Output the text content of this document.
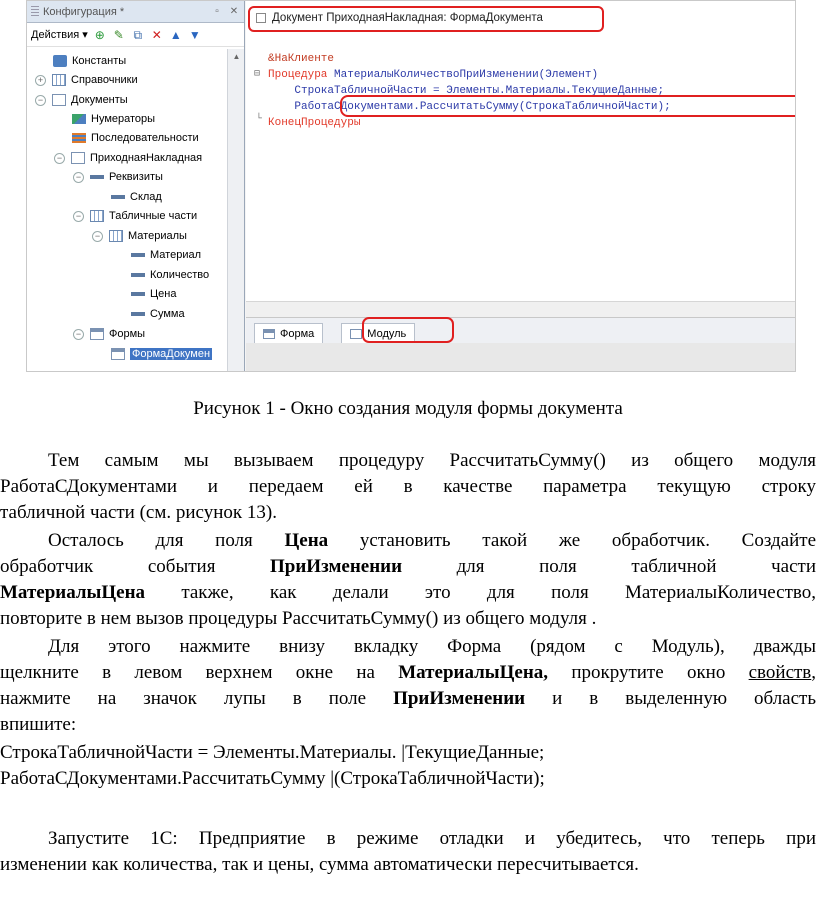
Конфигурация *	▫	✕
Действия ▾ ⊕ ✎ ⧉ ✕ ▲ ▼
Константы
+	Справочники
−	Документы
Нумераторы
Последовательности
−	ПриходнаяНакладная
−	Реквизиты
Склад
−	Табличные части
−	Материалы
Материал
Количество
Цена
Сумма
−	Формы
ФормаДокумен
▲
Документ ПриходнаяНакладная: ФормаДокумента
⊟
└
&НаКлиенте
Процедура МатериалыКоличествоПриИзменении(Элемент)
СтрокаТабличнойЧасти = Элементы.Материалы.ТекущиеДанные;
РаботаСДокументами.РассчитатьСумму(СтрокаТабличнойЧасти);
КонецПроцедуры
Форма	Модуль
Рисунок 1 - Окно создания модуля формы документа
Тем самым мы вызываем процедуру РассчитатьСумму() из общего модуля
РаботаСДокументами и передаем ей в качестве параметра текущую строку
табличной части (см. рисунок 13).
Осталось для поля Цена установить такой же обработчик. Создайте
обработчик события	ПриИзменении	для поля табличной части
МатериалыЦена также, как делали это для поля МатериалыКоличество,
повторите в нем вызов процедуры РассчитатьСумму() из общего модуля .
Для этого нажмите внизу вкладку Форма (рядом с Модуль), дважды
щелкните в левом верхнем окне на МатериалыЦена, прокрутите окно свойств,
нажмите на значок лупы в поле ПриИзменении и в выделенную область
впишите:
СтрокаТабличнойЧасти = Элементы.Материалы. |ТекущиеДанные;
РаботаСДокументами.РассчитатьСумму |(СтрокаТабличнойЧасти);
Запустите 1С: Предприятие в режиме отладки и убедитесь, что теперь при
изменении как количества, так и цены, сумма автоматически пересчитывается.
